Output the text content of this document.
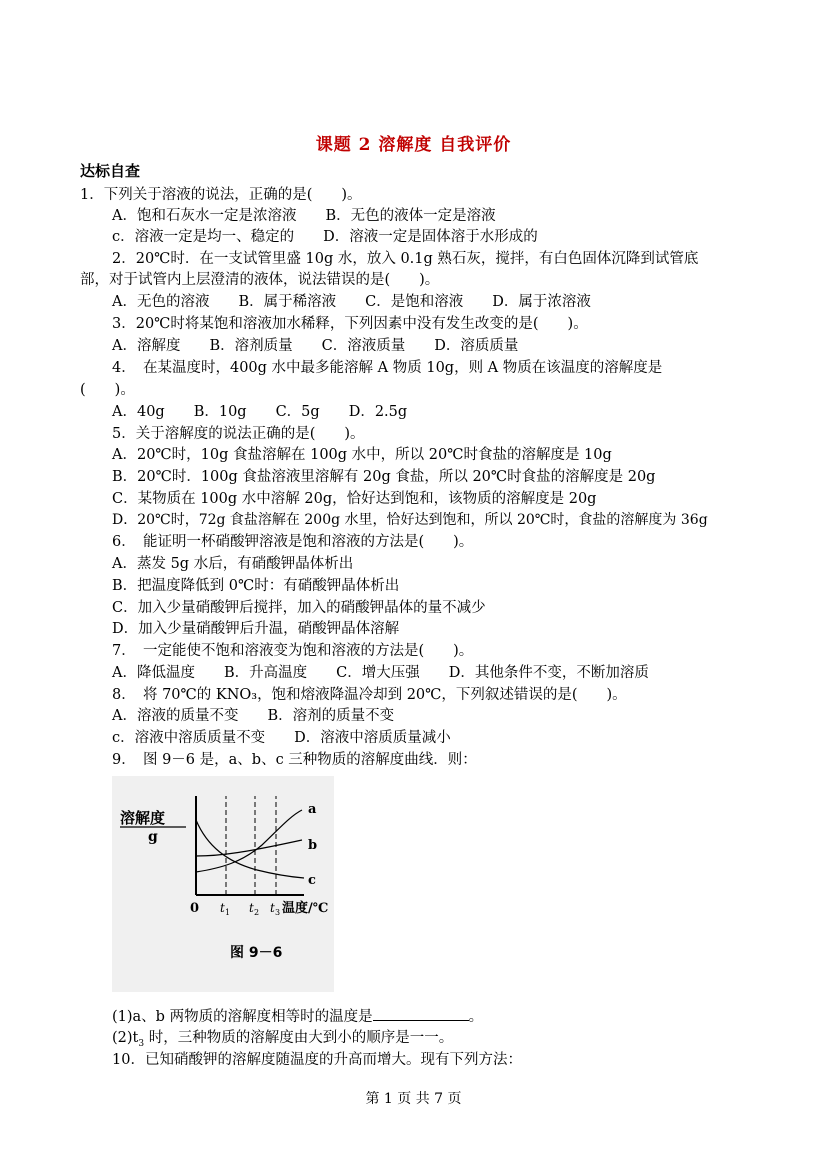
课题 2 溶解度 自我评价
达标自查
1．下列关于溶液的说法，正确的是(　　)。
A．饱和石灰水一定是浓溶液　　B．无色的液体一定是溶液
c．溶液一定是均一、稳定的　　D．溶液一定是固体溶于水形成的
2．20℃时．在一支试管里盛 10g 水，放入 0.1g 熟石灰，搅拌，有白色固体沉降到试管底
部，对于试管内上层澄清的液体，说法错误的是(　　)。
A．无色的溶液　　B．属于稀溶液　　C．是饱和溶液　　D．属于浓溶液
3．20℃时将某饱和溶液加水稀释，下列因素中没有发生改变的是(　　)。
A．溶解度　　B．溶剂质量　　C．溶液质量　　D．溶质质量
4．　在某温度时，400g 水中最多能溶解 A 物质 10g，则 A 物质在该温度的溶解度是
(　　)。
A．40g　　B．10g　　C．5g　　D．2.5g
5．关于溶解度的说法正确的是(　　)。
A．20℃时，10g 食盐溶解在 100g 水中，所以 20℃时食盐的溶解度是 10g
B．20℃时．100g 食盐溶液里溶解有 20g 食盐，所以 20℃时食盐的溶解度是 20g
C．某物质在 100g 水中溶解 20g，恰好达到饱和，该物质的溶解度是 20g
D．20℃时，72g 食盐溶解在 200g 水里，恰好达到饱和，所以 20℃时，食盐的溶解度为 36g
6．　能证明一杯硝酸钾溶液是饱和溶液的方法是(　　)。
A．蒸发 5g 水后，有硝酸钾晶体析出
B．把温度降低到 0℃时：有硝酸钾晶体析出
C．加入少量硝酸钾后搅拌，加入的硝酸钾晶体的量不减少
D．加入少量硝酸钾后升温，硝酸钾晶体溶解
7．　一定能使不饱和溶液变为饱和溶液的方法是(　　)。
A．降低温度　　B．升高温度　　C．增大压强　　D．其他条件不变，不断加溶质
8．　将 70℃的 KNO₃，饱和熔液降温冷却到 20℃，下列叙述错误的是(　　)。
A．溶液的质量不变　　B．溶剂的质量不变
c．溶液中溶质质量不变　　D．溶液中溶质质量减小
9．　图 9－6 是，a、b、c 三种物质的溶解度曲线．则：
溶解度
g
a
b
c
0 t 1 t 2 t 3 温度/℃
图 9－6
(1)a、b 两物质的溶解度相等时的温度是	。
$(2)t_3$ 时，三种物质的溶解度由大到小的顺序是一一。
10．已知硝酸钾的溶解度随温度的升高而增大。现有下列方法：
第 1 页 共 7 页
